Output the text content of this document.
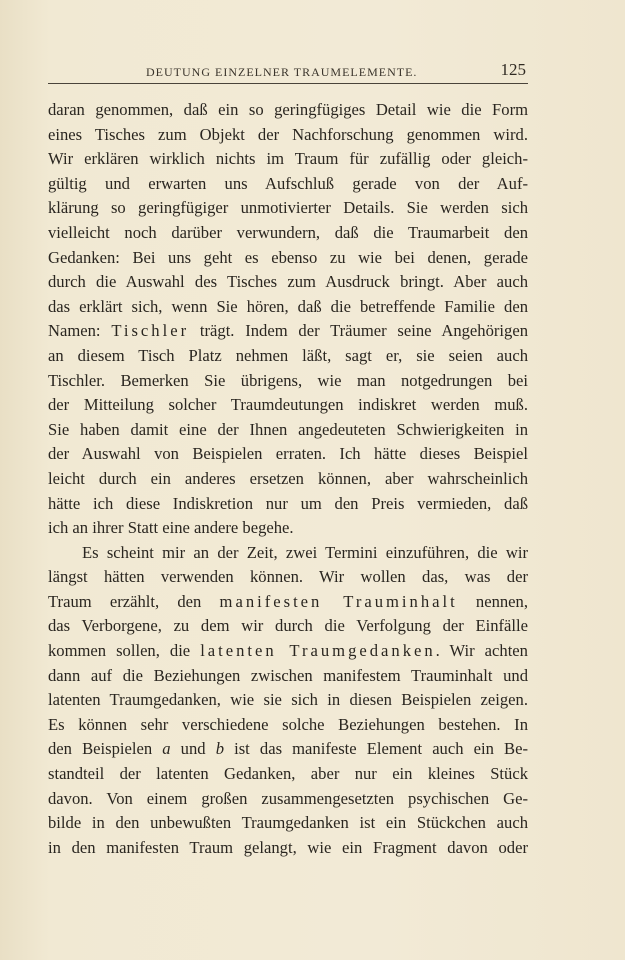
DEUTUNG EINZELNER TRAUMELEMENTE.	125
daran genommen, daß ein so geringfügiges Detail wie die Form
eines Tisches zum Objekt der Nachforschung genommen wird.
Wir erklären wirklich nichts im Traum für zufällig oder gleich-
gültig und erwarten uns Aufschluß gerade von der Auf-
klärung so geringfügiger unmotivierter Details. Sie werden sich
vielleicht noch darüber verwundern, daß die Traumarbeit den
Gedanken: Bei uns geht es ebenso zu wie bei denen, gerade
durch die Auswahl des Tisches zum Ausdruck bringt. Aber auch
das erklärt sich, wenn Sie hören, daß die betreffende Familie den
Namen: Tischler trägt. Indem der Träumer seine Angehörigen
an diesem Tisch Platz nehmen läßt, sagt er, sie seien auch
Tischler. Bemerken Sie übrigens, wie man notgedrungen bei
der Mitteilung solcher Traumdeutungen indiskret werden muß.
Sie haben damit eine der Ihnen angedeuteten Schwierigkeiten in
der Auswahl von Beispielen erraten. Ich hätte dieses Beispiel
leicht durch ein anderes ersetzen können, aber wahrscheinlich
hätte ich diese Indiskretion nur um den Preis vermieden, daß
ich an ihrer Statt eine andere begehe.
Es scheint mir an der Zeit, zwei Termini einzuführen, die wir
längst hätten verwenden können. Wir wollen das, was der
Traum erzählt, den manifesten Trauminhalt nennen,
das Verborgene, zu dem wir durch die Verfolgung der Einfälle
kommen sollen, die latenten Traumgedanken. Wir achten
dann auf die Beziehungen zwischen manifestem Trauminhalt und
latenten Traumgedanken, wie sie sich in diesen Beispielen zeigen.
Es können sehr verschiedene solche Beziehungen bestehen. In
den Beispielen a und b ist das manifeste Element auch ein Be-
standteil der latenten Gedanken, aber nur ein kleines Stück
davon. Von einem großen zusammengesetzten psychischen Ge-
bilde in den unbewußten Traumgedanken ist ein Stückchen auch
in den manifesten Traum gelangt, wie ein Fragment davon oder
